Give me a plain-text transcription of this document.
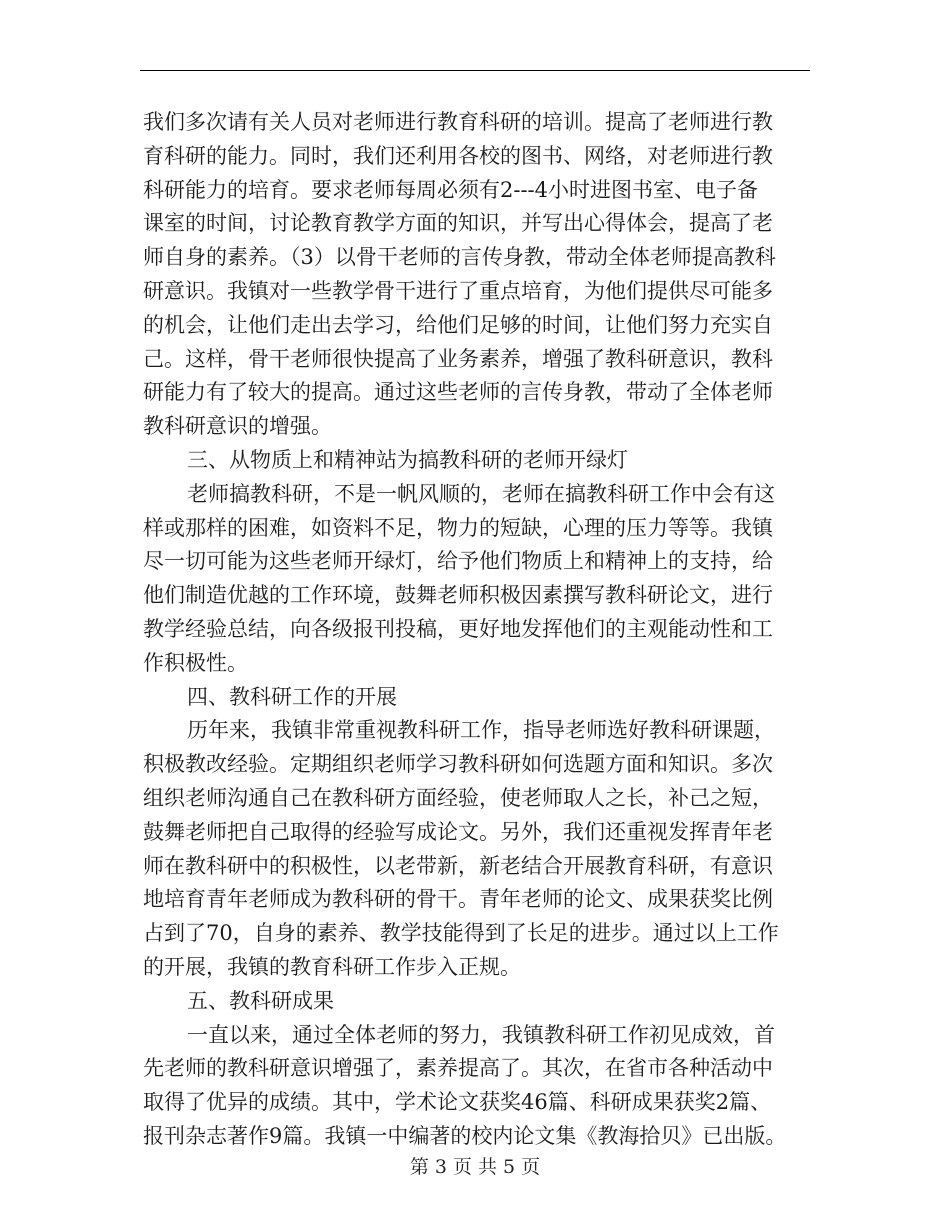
我们多次请有关人员对老师进行教育科研的培训。提高了老师进行教
育科研的能力。同时，我们还利用各校的图书、网络，对老师进行教
科研能力的培育。要求老师每周必须有2---4小时进图书室、电子备
课室的时间，讨论教育教学方面的知识，并写出心得体会，提高了老
师自身的素养。（3）以骨干老师的言传身教，带动全体老师提高教科
研意识。我镇对一些教学骨干进行了重点培育，为他们提供尽可能多
的机会，让他们走出去学习，给他们足够的时间，让他们努力充实自
己。这样，骨干老师很快提高了业务素养，增强了教科研意识，教科
研能力有了较大的提高。通过这些老师的言传身教，带动了全体老师
教科研意识的增强。
三、从物质上和精神站为搞教科研的老师开绿灯
老师搞教科研，不是一帆风顺的，老师在搞教科研工作中会有这
样或那样的困难，如资料不足，物力的短缺，心理的压力等等。我镇
尽一切可能为这些老师开绿灯，给予他们物质上和精神上的支持，给
他们制造优越的工作环境，鼓舞老师积极因素撰写教科研论文，进行
教学经验总结，向各级报刊投稿，更好地发挥他们的主观能动性和工
作积极性。
四、教科研工作的开展
历年来，我镇非常重视教科研工作，指导老师选好教科研课题，
积极教改经验。定期组织老师学习教科研如何选题方面和知识。多次
组织老师沟通自己在教科研方面经验，使老师取人之长，补己之短，
鼓舞老师把自己取得的经验写成论文。另外，我们还重视发挥青年老
师在教科研中的积极性，以老带新，新老结合开展教育科研，有意识
地培育青年老师成为教科研的骨干。青年老师的论文、成果获奖比例
占到了70，自身的素养、教学技能得到了长足的进步。通过以上工作
的开展，我镇的教育科研工作步入正规。
五、教科研成果
一直以来，通过全体老师的努力，我镇教科研工作初见成效，首
先老师的教科研意识增强了，素养提高了。其次，在省市各种活动中
取得了优异的成绩。其中，学术论文获奖46篇、科研成果获奖2篇、
报刊杂志著作9篇。我镇一中编著的校内论文集《教海拾贝》已出版。
第 3 页 共 5 页
